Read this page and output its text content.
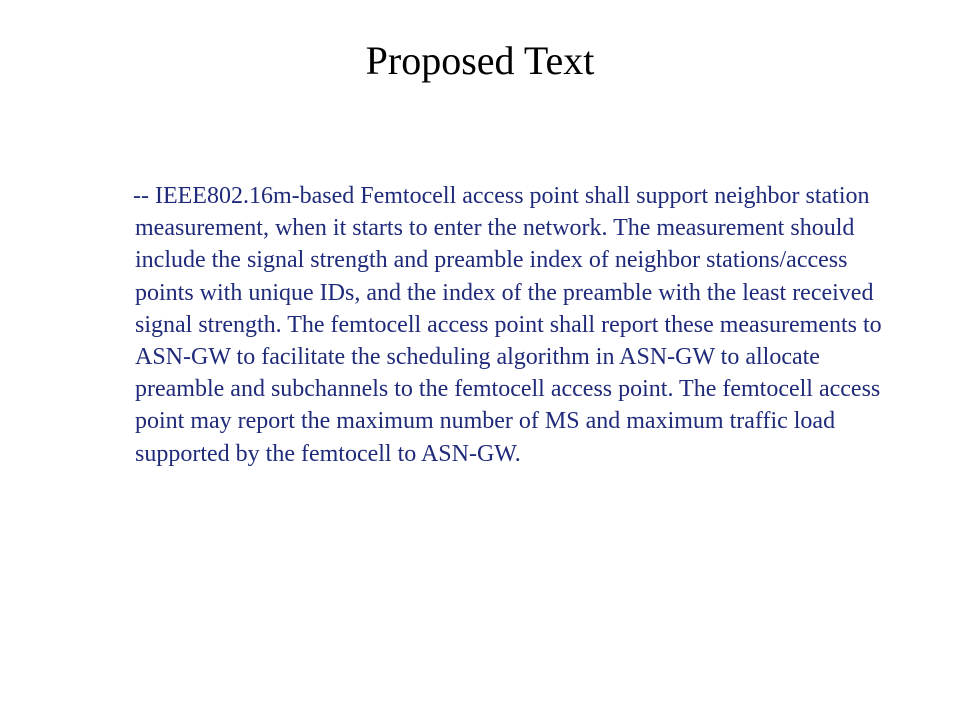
Proposed Text

-- IEEE802.16m-based Femtocell access point shall support neighbor station measurement, when it starts to enter the network. The measurement should include the signal strength and preamble index of neighbor stations/access points with unique IDs, and the index of the preamble with the least received signal strength. The femtocell access point shall report these measurements to ASN-GW to facilitate the scheduling algorithm in ASN-GW to allocate preamble and subchannels to the femtocell access point. The femtocell access point may report the maximum number of MS and maximum traffic load supported by the femtocell to ASN-GW.
